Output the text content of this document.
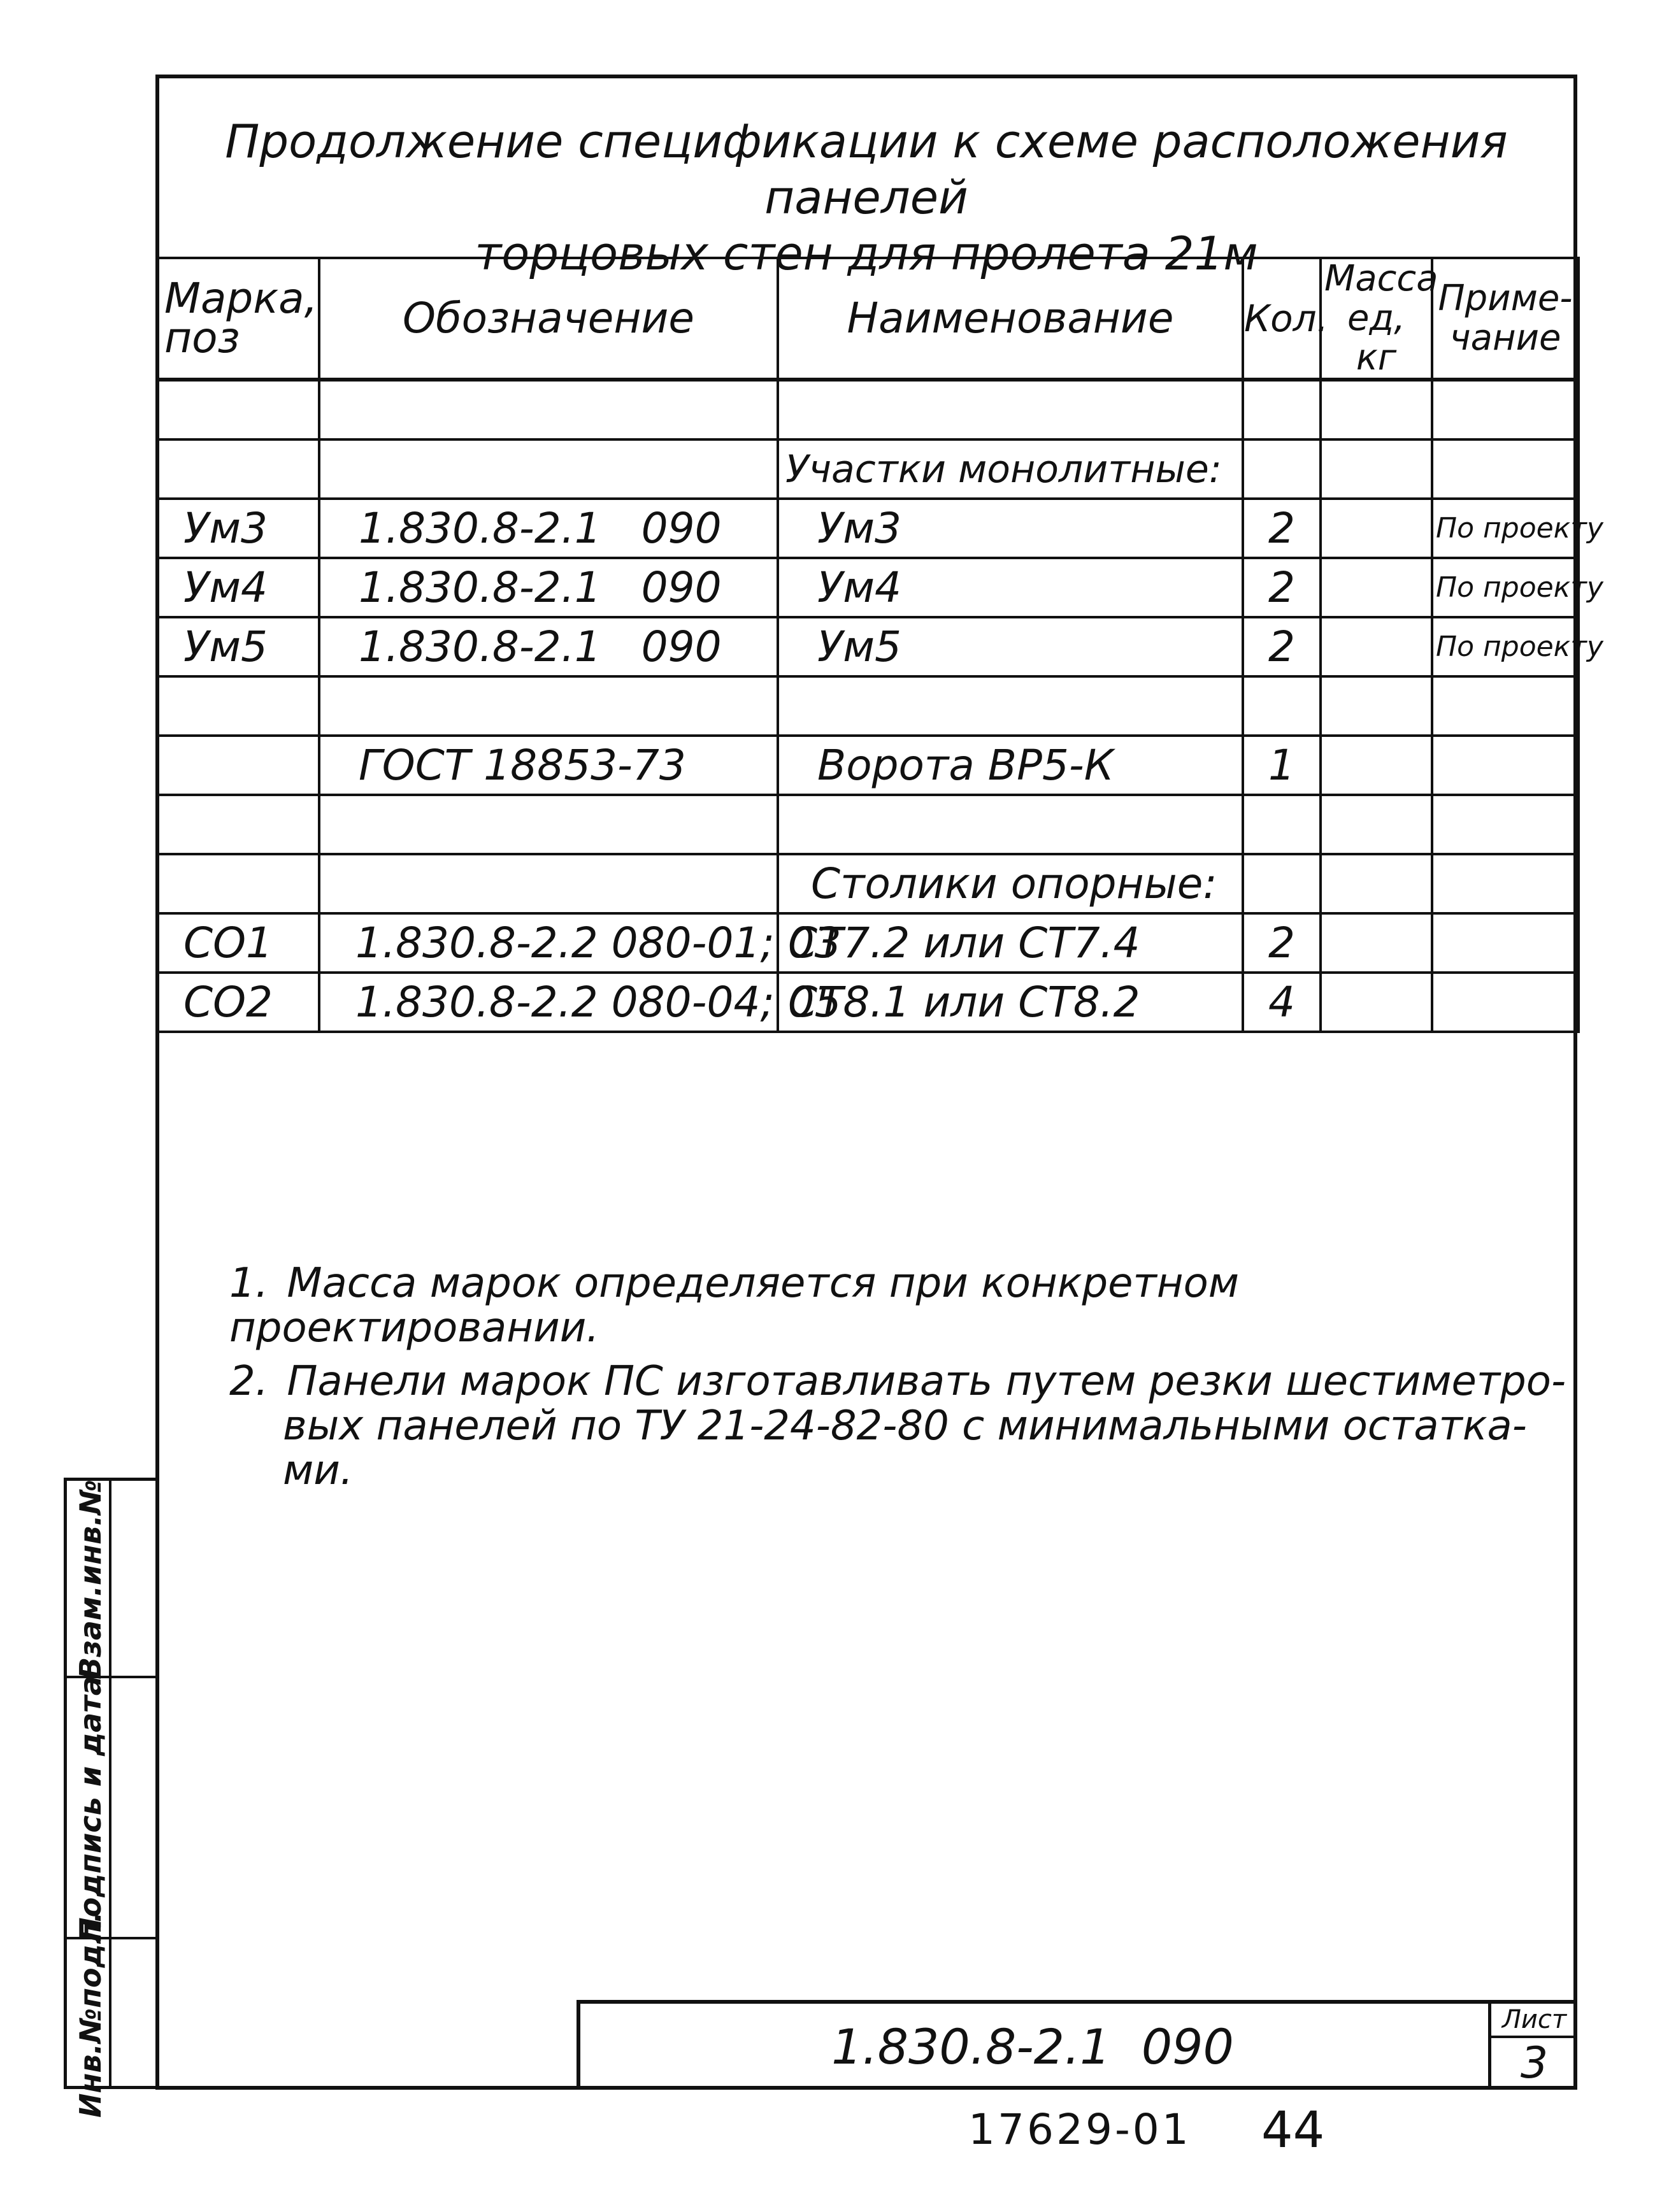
Продолжение спецификации к схеме расположения панелей
торцовых стен для пролета 21м
Марка, поз	Обозначение	Наименование	Кол.	Масса ед, кг	Приме- чание

		Участки монолитные:			
Ум3	1.830.8-2.1   090	Ум3	2		По проекту
Ум4	1.830.8-2.1   090	Ум4	2		По проекту
Ум5	1.830.8-2.1   090	Ум5	2		По проекту

	ГОСТ 18853-73	Ворота ВР5-К	1		

		Столики опорные:			
СО1	1.830.8-2.2 080-01; 03	СТ7.2 или СТ7.4	2		
СО2	1.830.8-2.2 080-04; 05	СТ8.1 или СТ8.2	4		
1. Масса марок определяется при конкретном проектировании.
2. Панели марок ПС изготавливать путем резки шестиметро-
вых панелей по ТУ 21-24-82-80 с минимальными остатка-
ми.
Взам.инв.№
Подпись и дата
Инв.№подл.	1.830.8-2.1  090	Лист
3
17629-01 44
